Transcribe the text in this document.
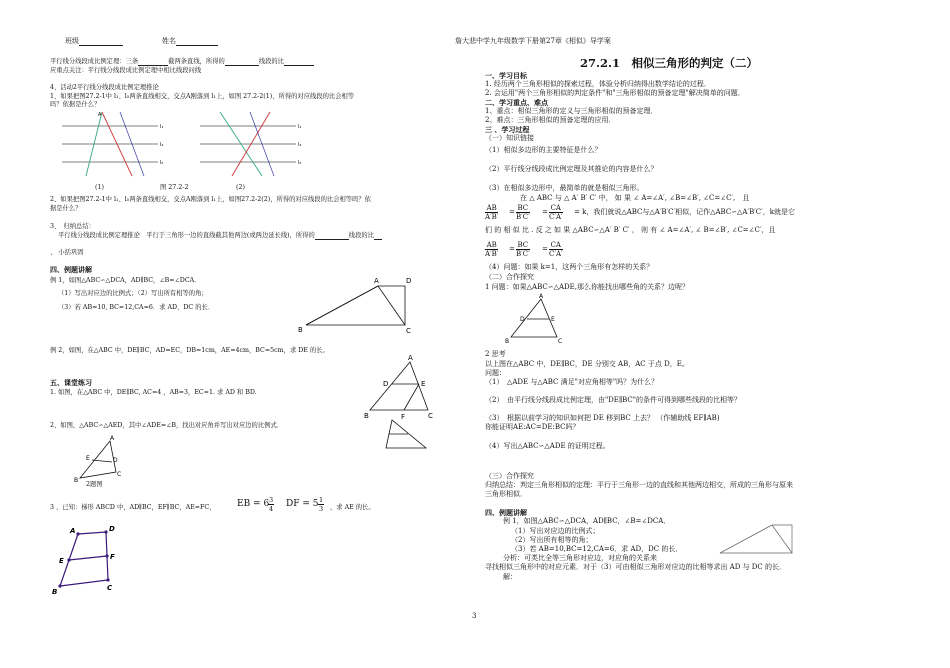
班级	姓名	詹大悲中学九年级数学下册第27章《相似》导学案
平行线分线段成比例定理：三条	截两条直线，所得的	线段的比
应重点关注：平行线分线段成比例定理中相比线段问线
4、活动2平行线分线段成比例定理推论
1、如果把图27.2-1中 l₁、l₅两条直线相交，交点A刚落到 l₁上，如图 27.2-2(1)，所得的对应线段的比会相等
吗？依据是什么？
l₃
l₄
l₅
A
(1)
l₃
l₄
l₅
(2)
图 27.2-2
2、如果把图27.2-1中 l₁、l₅两条直线相交，交点A刚落到 l₁上，如图27.2-2(2)，所得的对应线段的比会相等吗？依
据是什么？
3、　归纳总结：
平行线分线段成比例定理推论　平行于三角形一边的直线截其他两边(或两边延长线)，所得的	线段的比
、 小括巩固
四、例题讲解
例 1，如图△ABC∽△DCA，AD∥BC，∠B=∠DCA．
（1）写出对应边的比例式；（2）写出所有相等的角；
（3）若 AB=10, BC=12,CA=6．求 AD、DC 的长．
A	D
B	C
例 2，如图，在△ABC 中，DE∥BC，AD=EC，DB=1cm，AE=4cm，BC=5cm，求 DE 的长。
A
D	E
B	F	C
五、课堂练习
1. 如图，在△ABC 中，DE∥BC, AC=4 ，AB=3，EC=1. 求 AD 和 BD.
2、如图，△ABC∽△AED，其中∠ADE=∠B，找出对应角并写出对应边的比例式．
A
E	D
B
C
2题图
3 、已知：梯形 ABCD 中，AD∥BC，EF∥BC，AE=FC， EB = 6
$\frac{3}{4}$ DF = $5 \frac{1}{3}$ ，求 AE 的长。
A	D
E	F
B	C
27.2.1　相似三角形的判定（二）
一、学习目标
1. 经历两个三角形相似的探索过程，体验分析归纳得出数学结论的过程．
2. 会运用"两个三角形相似的判定条件"和"三角形相似的预备定理"解决简单的问题．
二、学习重点、难点
1、重点：相似三角形的定义与三角形相似的预备定理．
2、难点：三角形相似的预备定理的应用．
三 、学习过程
（一）知识链接
（1）相似多边形的主要特征是什么？
（2）平行线分线段成比例定理及其推论的内容是什么？
（3）在相似多边形中，最简单的就是相似三角形。
在 △ ABC 与 △ A′ B′ C′ 中， 如 果 ∠ A=∠A′, ∠B=∠B′, ∠C=∠C′,　且
$\frac{AB}{A'B'} = \frac{BC}{B'C'} = \frac{CA}{C'A'} = k$，我们就说△ABC与△A′B′C′相似，记作△ABC∽△A′B′C′，k就是它
们 的 相 似 比 . 反 之 如 果 △ABC∽△A′ B′ C′ ， 则 有 ∠ A=∠A′, ∠ B=∠B′, ∠C=∠C′，且
$\frac{AB}{A'B'} = \frac{BC}{B'C'} = \frac{CA}{C'A'}$
（4）问题：如果 k=1，这两个三角形有怎样的关系？
（二）合作探究
1 问题：如果△ABC∽△ADE,那么你能找出哪些角的关系？边呢？
A
D	E
B	C
2 思考
以上图在△ABC 中，DE∥BC，DE 分别交 AB，AC 于点 D，E。
问题：
（1）　△ADE 与△ABC 满足"对应角相等"吗？为什么？
（2）　由平行线分线段成比例定理，由"DE∥BC"的条件可得到哪些线段的比相等？
（3）　根据以前学习的知识如何把 DE 移到BC 上去？ （作辅助线 EF∥AB)
你能证明AE:AC=DE:BC吗？
（4）写出△ABC∽△ADE 的证明过程。
（三）合作探究
归纳总结：判定三角形相似的定理：平行于三角形一边的直线和其他两边相交，所成的三角形与原来
三角形相似．
四、例题讲解
例 1，如图△ABC∽△DCA，AD∥BC，∠B=∠DCA．
（1）写出对应边的比例式；
（2）写出所有相等的角；
（3）若 AB=10,BC=12,CA=6．求 AD、DC 的长．
分析：可类比全等三角形对应边，对应角的关系来
寻找相似三角形中的对应元素．对于（3）可由相似三角形对应边的比相等求出 AD 与 DC 的长．
解：
3
